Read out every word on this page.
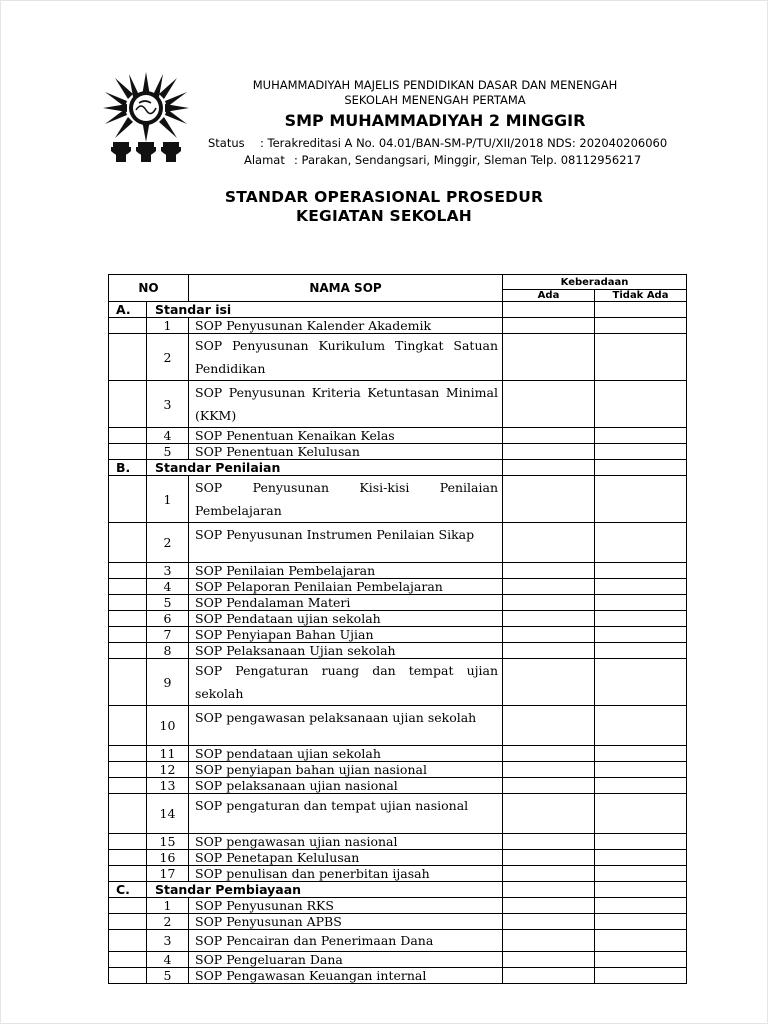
MUHAMMADIYAH MAJELIS PENDIDIKAN DASAR DAN MENENGAH
SEKOLAH MENENGAH PERTAMA
SMP MUHAMMADIYAH 2 MINGGIR
Status : Terakreditasi A No. 04.01/BAN-SM-P/TU/XII/2018 NDS: 202040206060
Alamat : Parakan, Sendangsari, Minggir, Sleman Telp. 08112956217
STANDAR OPERASIONAL PROSEDUR
KEGIATAN SEKOLAH
NO		NAMA SOP	Keberadaan	
			Ada	Tidak Ada
A.	Standar isi			
	1	SOP Penyusunan Kalender Akademik		
	2	SOP Penyusunan Kurikulum Tingkat Satuan Pendidikan		
	3	SOP Penyusunan Kriteria Ketuntasan Minimal (KKM)		
	4	SOP Penentuan Kenaikan Kelas		
	5	SOP Penentuan Kelulusan		
B.	Standar Penilaian			
	1	SOP Penyusunan Kisi-kisi Penilaian Pembelajaran		
	2	SOP Penyusunan Instrumen Penilaian Sikap		
	3	SOP Penilaian Pembelajaran		
	4	SOP Pelaporan Penilaian Pembelajaran		
	5	SOP Pendalaman Materi		
	6	SOP Pendataan ujian sekolah		
	7	SOP Penyiapan Bahan Ujian		
	8	SOP Pelaksanaan Ujian sekolah		
	9	SOP Pengaturan ruang dan tempat ujian sekolah		
	10	SOP pengawasan pelaksanaan ujian sekolah		
	11	SOP pendataan ujian sekolah		
	12	SOP penyiapan bahan ujian nasional		
	13	SOP pelaksanaan ujian nasional		
	14	SOP pengaturan dan tempat ujian nasional		
	15	SOP pengawasan ujian nasional		
	16	SOP Penetapan Kelulusan		
	17	SOP penulisan dan penerbitan ijasah		
C.	Standar Pembiayaan			
	1	SOP Penyusunan RKS		
	2	SOP Penyusunan APBS		
	3	SOP Pencairan dan Penerimaan Dana		
	4	SOP Pengeluaran Dana		
	5	SOP Pengawasan Keuangan internal		
